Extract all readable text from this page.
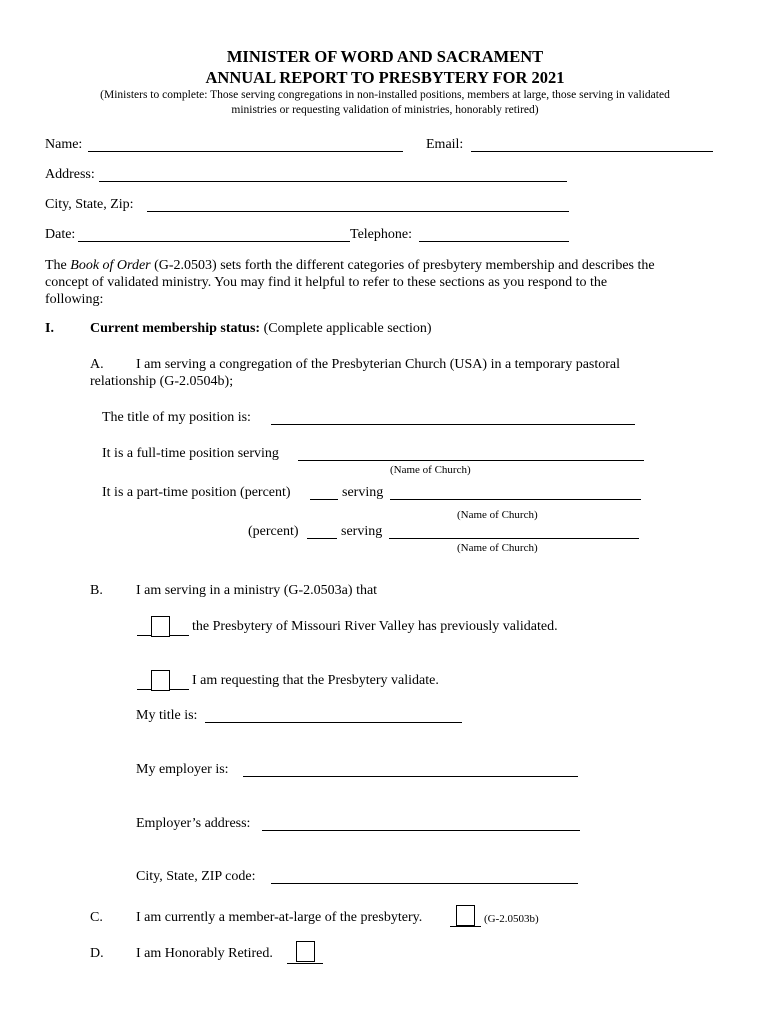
MINISTER OF WORD AND SACRAMENT
ANNUAL REPORT TO PRESBYTERY FOR 2021
(Ministers to complete: Those serving congregations in non-installed positions, members at large, those serving in validated
ministries or requesting validation of ministries, honorably retired)
Name:	Email:
Address:
City, State, Zip:
Date:	Telephone:
The Book of Order (G-2.0503) sets forth the different categories of presbytery membership and describes the
concept of validated ministry. You may find it helpful to refer to these sections as you respond to the
following:
I.	Current membership status: (Complete applicable section)
A. I am serving a congregation of the Presbyterian Church (USA) in a temporary pastoral
relationship (G-2.0504b);
The title of my position is:
It is a full-time position serving
(Name of Church)
It is a part-time position (percent)	serving
(Name of Church)
(percent)	serving
(Name of Church)
B. I am serving in a ministry (G-2.0503a) that
the Presbytery of Missouri River Valley has previously validated.
I am requesting that the Presbytery validate.
My title is:
My employer is:
Employer’s address:
City, State, ZIP code:
C. I am currently a member-at-large of the presbytery.	(G-2.0503b)
D. I am Honorably Retired.
